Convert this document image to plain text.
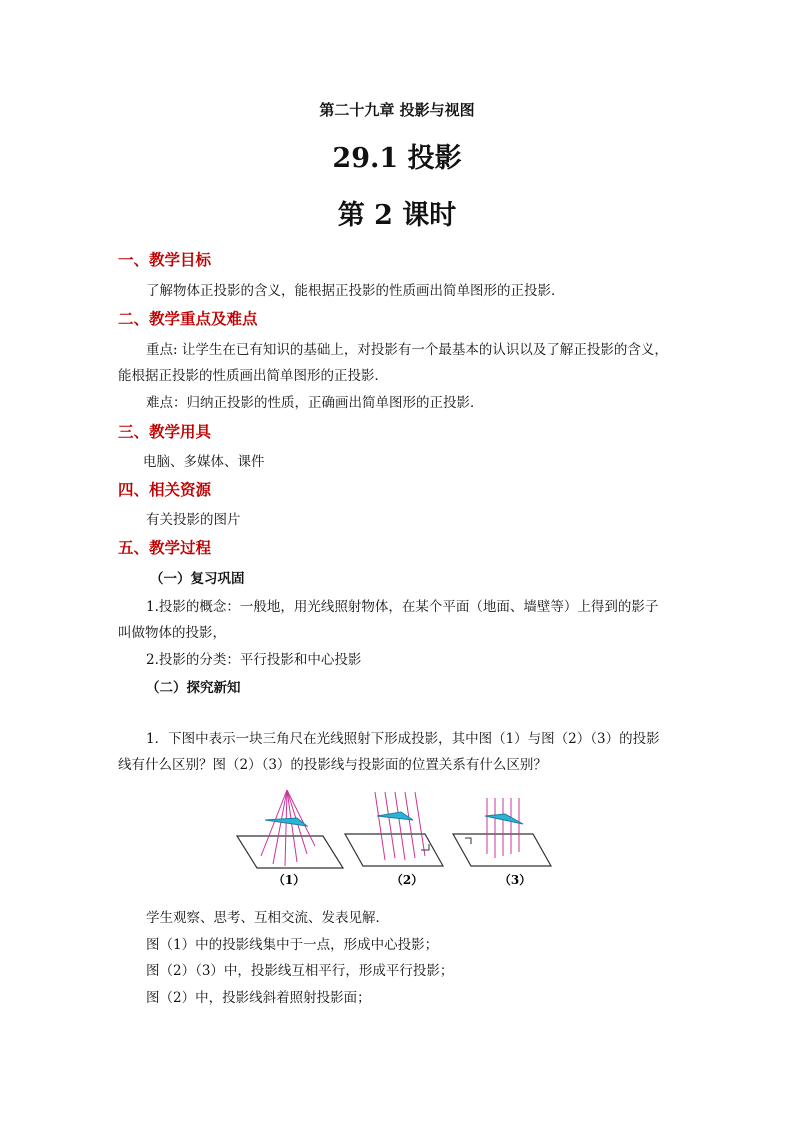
第二十九章 投影与视图
29.1 投影
第 2 课时
一、教学目标
了解物体正投影的含义，能根据正投影的性质画出简单图形的正投影．
二、教学重点及难点
重点: 让学生在已有知识的基础上，对投影有一个最基本的认识以及了解正投影的含义，
能根据正投影的性质画出简单图形的正投影．
难点：归纳正投影的性质，正确画出简单图形的正投影．
三、教学用具
电脑、多媒体、课件
四、相关资源
有关投影的图片
五、教学过程
（一）复习巩固
1.投影的概念：一般地，用光线照射物体，在某个平面（地面、墙壁等）上得到的影子
叫做物体的投影，
2.投影的分类：平行投影和中心投影
（二）探究新知
1．下图中表示一块三角尺在光线照射下形成投影，其中图（1）与图（2）（3）的投影
线有什么区别？图（2）（3）的投影线与投影面的位置关系有什么区别？
（1）	（2）	（3）
学生观察、思考、互相交流、发表见解．
图（1）中的投影线集中于一点，形成中心投影；
图（2）（3）中，投影线互相平行，形成平行投影；
图（2）中，投影线斜着照射投影面；
